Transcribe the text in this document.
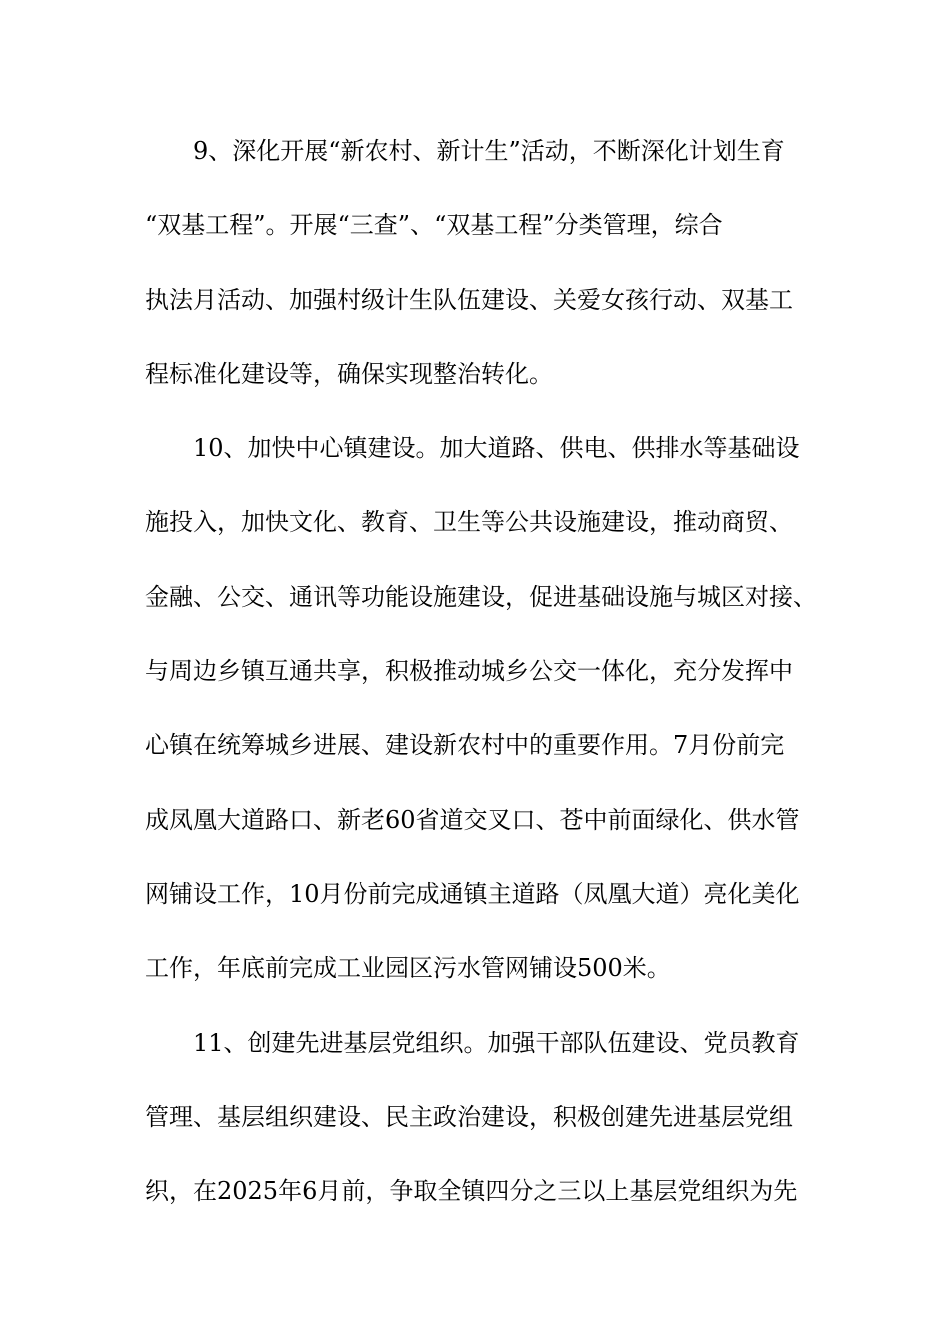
9、深化开展“新农村、新计生”活动，不断深化计划生育
“双基工程”。开展“三查”、“双基工程”分类管理，综合
执法月活动、加强村级计生队伍建设、关爱女孩行动、双基工
程标准化建设等，确保实现整治转化。
10、加快中心镇建设。加大道路、供电、供排水等基础设
施投入，加快文化、教育、卫生等公共设施建设，推动商贸、
金融、公交、通讯等功能设施建设，促进基础设施与城区对接、
与周边乡镇互通共享，积极推动城乡公交一体化，充分发挥中
心镇在统筹城乡进展、建设新农村中的重要作用。7月份前完
成凤凰大道路口、新老60省道交叉口、苍中前面绿化、供水管
网铺设工作，10月份前完成通镇主道路（凤凰大道）亮化美化
工作，年底前完成工业园区污水管网铺设500米。
11、创建先进基层党组织。加强干部队伍建设、党员教育
管理、基层组织建设、民主政治建设，积极创建先进基层党组
织，在2025年6月前，争取全镇四分之三以上基层党组织为先
